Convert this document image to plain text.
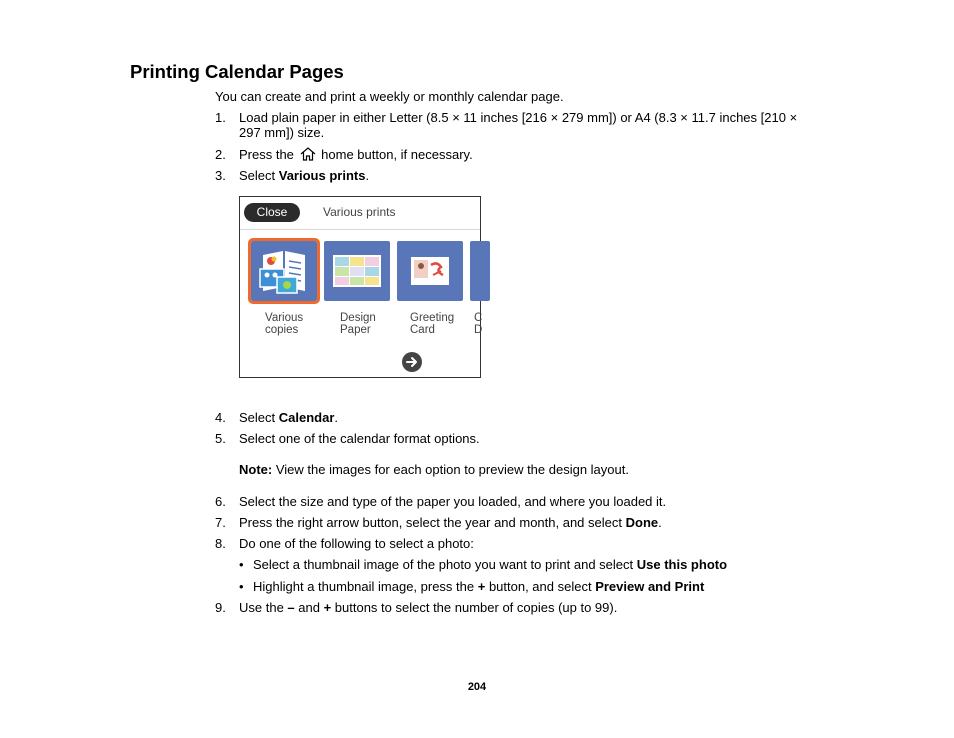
Printing Calendar Pages
You can create and print a weekly or monthly calendar page.
1. Load plain paper in either Letter (8.5 × 11 inches [216 × 279 mm]) or A4 (8.3 × 11.7 inches [210 × 297 mm]) size.
2. Press the home button, if necessary.
3. Select Various prints.
Close	Various prints
Various
copies
Design
Paper
Greeting
Card
C
D
4. Select Calendar.
5. Select one of the calendar format options.
Note: View the images for each option to preview the design layout.
6. Select the size and type of the paper you loaded, and where you loaded it.
7. Press the right arrow button, select the year and month, and select Done.
8. Do one of the following to select a photo:
• Select a thumbnail image of the photo you want to print and select Use this photo
• Highlight a thumbnail image, press the + button, and select Preview and Print
9. Use the – and + buttons to select the number of copies (up to 99).
204
